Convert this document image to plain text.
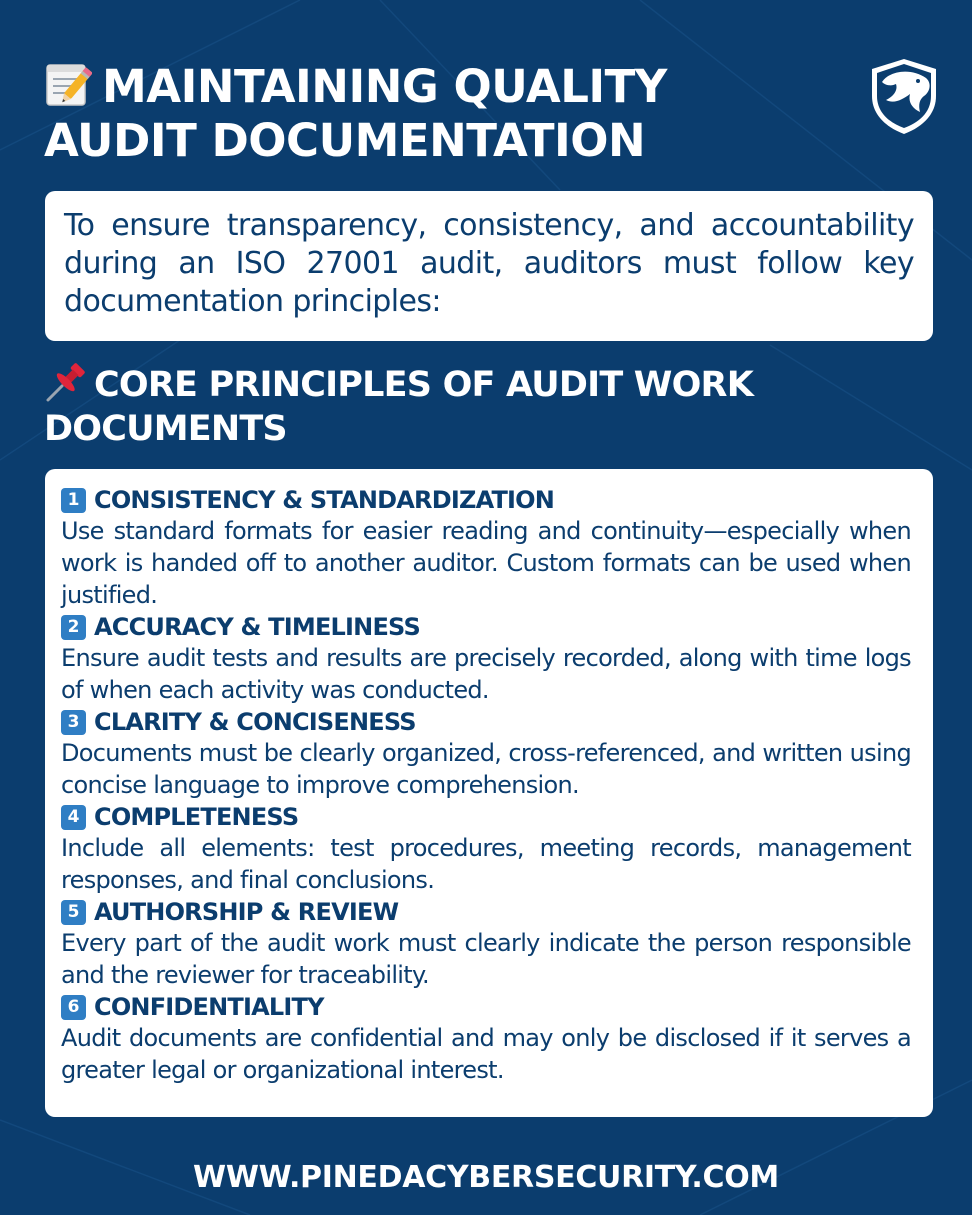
MAINTAINING QUALITY
AUDIT DOCUMENTATION

To ensure transparency, consistency, and accountability during an ISO 27001 audit, auditors must follow key documentation principles:

CORE PRINCIPLES OF AUDIT WORK DOCUMENTS
1 CONSISTENCY & STANDARDIZATION

Use standard formats for easier reading and continuity—especially when work is handed off to another auditor. Custom formats can be used when justified.

2 ACCURACY & TIMELINESS

Ensure audit tests and results are precisely recorded, along with time logs of when each activity was conducted.

3 CLARITY & CONCISENESS

Documents must be clearly organized, cross-referenced, and written using concise language to improve comprehension.

4 COMPLETENESS

Include all elements: test procedures, meeting records, management responses, and final conclusions.

5 AUTHORSHIP & REVIEW

Every part of the audit work must clearly indicate the person responsible and the reviewer for traceability.

6 CONFIDENTIALITY

Audit documents are confidential and may only be disclosed if it serves a greater legal or organizational interest.

WWW.PINEDACYBERSECURITY.COM
